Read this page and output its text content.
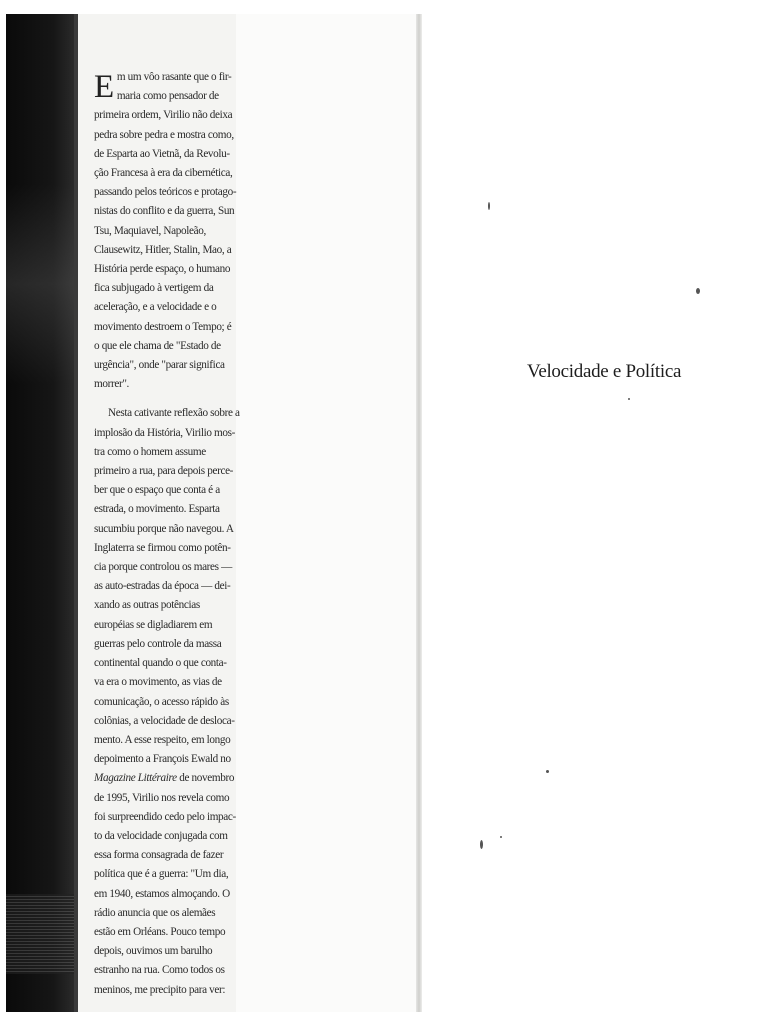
E m um vôo rasante que o fir-
maria como pensador de
primeira ordem, Virilio não deixa
pedra sobre pedra e mostra como,
de Esparta ao Vietnã, da Revolu-
ção Francesa à era da cibernética,
passando pelos teóricos e protago-
nistas do conflito e da guerra, Sun
Tsu, Maquiavel, Napoleão,
Clausewitz, Hitler, Stalin, Mao, a
História perde espaço, o humano
fica subjugado à vertigem da
aceleração, e a velocidade e o
movimento destroem o Tempo; é
o que ele chama de "Estado de
urgência", onde "parar significa
morrer".
Nesta cativante reflexão sobre a
implosão da História, Virilio mos-
tra como o homem assume
primeiro a rua, para depois perce-
ber que o espaço que conta é a
estrada, o movimento. Esparta
sucumbiu porque não navegou. A
Inglaterra se firmou como potên-
cia porque controlou os mares —
as auto-estradas da época — dei-
xando as outras potências
européias se digladiarem em
guerras pelo controle da massa
continental quando o que conta-
va era o movimento, as vias de
comunicação, o acesso rápido às
colônias, a velocidade de desloca-
mento. A esse respeito, em longo
depoimento a François Ewald no
Magazine Littéraire de novembro
de 1995, Virilio nos revela como
foi surpreendido cedo pelo impac-
to da velocidade conjugada com
essa forma consagrada de fazer
política que é a guerra: "Um dia,
em 1940, estamos almoçando. O
rádio anuncia que os alemães
estão em Orléans. Pouco tempo
depois, ouvimos um barulho
estranho na rua. Como todos os
meninos, me precipito para ver:
Velocidade e Política
